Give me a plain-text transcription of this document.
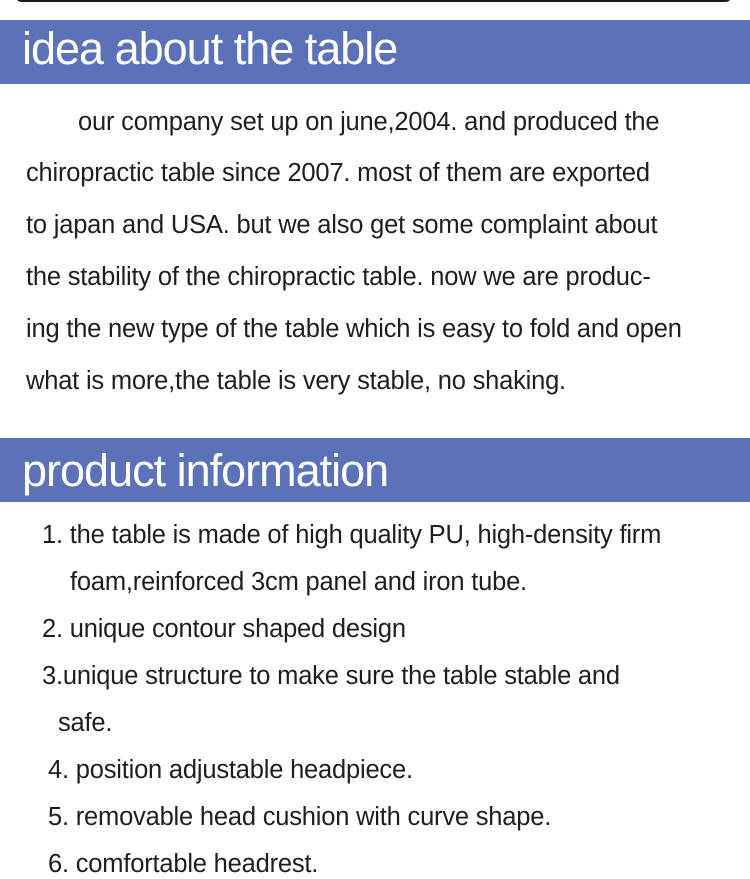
idea about the table
our company set up on june,2004. and produced the
chiropractic table since 2007. most of them are exported
to japan and USA. but we also get some complaint about
the stability of the chiropractic table. now we are produc-
ing the new type of the table which is easy to fold and open
what is more,the table is very stable, no shaking.
product information
1. the table is made of high quality PU, high-density firm
foam,reinforced 3cm panel and iron tube.
2. unique contour shaped design
3.unique structure to make sure the table stable and
safe.
4. position adjustable headpiece.
5. removable head cushion with curve shape.
6. comfortable headrest.
